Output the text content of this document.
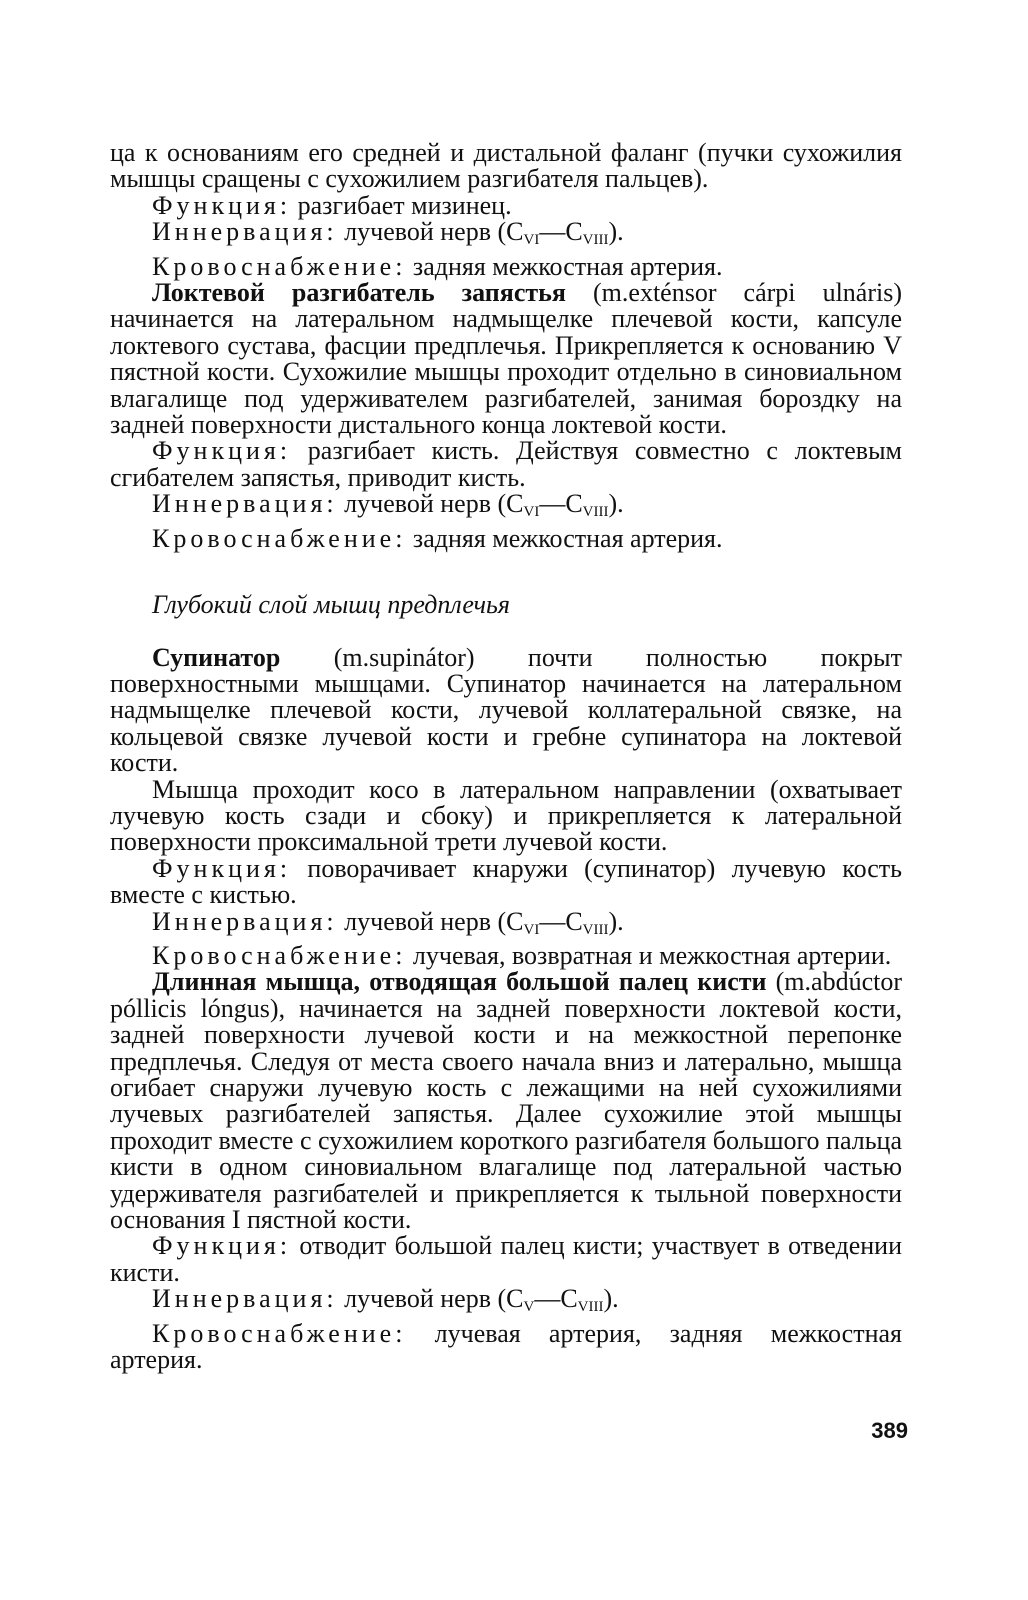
ца к основаниям его средней и дистальной фаланг (пучки сухожилия мышцы сращены с сухожилием разгибателя пальцев).

Функция: разгибает мизинец.

Иннервация: лучевой нерв $(C_{VI}—C_{VIII})$.

Кровоснабжение: задняя межкостная артерия.

Локтевой разгибатель запястья (m.exténsor cárpi ulnáris) начинается на латеральном надмыщелке плечевой кости, капсуле локтевого сустава, фасции предплечья. Прикрепляется к основанию V пястной кости. Сухожилие мышцы проходит отдельно в синовиальном влагалище под удерживателем разгибателей, занимая бороздку на задней поверхности дистального конца локтевой кости.

Функция: разгибает кисть. Действуя совместно с локтевым сгибателем запястья, приводит кисть.

Иннервация: лучевой нерв $(C_{VI}—C_{VIII})$.

Кровоснабжение: задняя межкостная артерия.

Глубокий слой мышц предплечья

Супинатор (m.supinátor) почти полностью покрыт поверхностными мышцами. Супинатор начинается на латеральном надмыщелке плечевой кости, лучевой коллатеральной связке, на кольцевой связке лучевой кости и гребне супинатора на локтевой кости.

Мышца проходит косо в латеральном направлении (охватывает лучевую кость сзади и сбоку) и прикрепляется к латеральной поверхности проксимальной трети лучевой кости.

Функция: поворачивает кнаружи (супинатор) лучевую кость вместе с кистью.

Иннервация: лучевой нерв $(C_{VI}—C_{VIII})$.

Кровоснабжение: лучевая, возвратная и межкостная артерии.

Длинная мышца, отводящая большой палец кисти (m.abdúctor póllicis lóngus), начинается на задней поверхности локтевой кости, задней поверхности лучевой кости и на межкостной перепонке предплечья. Следуя от места своего начала вниз и латерально, мышца огибает снаружи лучевую кость с лежащими на ней сухожилиями лучевых разгибателей запястья. Далее сухожилие этой мышцы проходит вместе с сухожилием короткого разгибателя большого пальца кисти в одном синовиальном влагалище под латеральной частью удерживателя разгибателей и прикрепляется к тыльной поверхности основания I пястной кости.

Функция: отводит большой палец кисти; участвует в отведении кисти.

Иннервация: лучевой нерв $(C_V—C_{VIII})$.

Кровоснабжение: лучевая артерия, задняя межкостная артерия.

389
